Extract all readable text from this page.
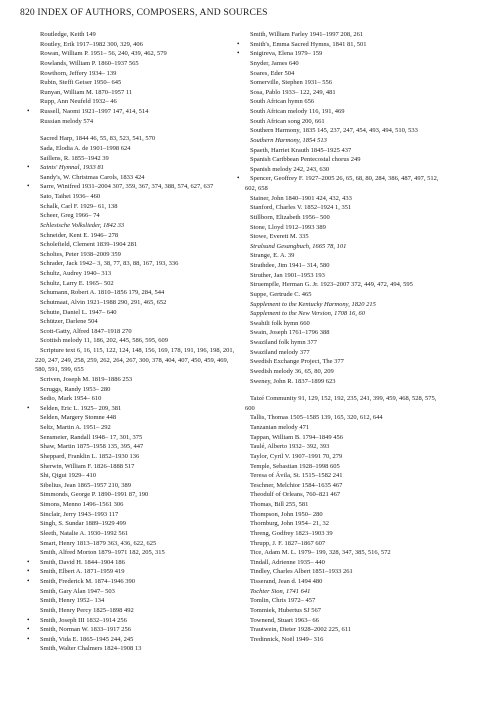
820 INDEX OF AUTHORS, COMPOSERS, AND SOURCES
Routledge, Keith 149
Routley, Erik 1917–1982 300, 329, 406
Rowan, William P. 1951– 56, 240, 439, 462, 579
Rowlands, William P. 1860–1937 565
Rowthorn, Jeffery 1934– 139
Rubin, Steffi Geiser 1950– 645
Runyan, William M. 1870–1957 11
Rupp, Ann Neufeld 1932– 46
• Russell, Naomi 1921–1997 147, 414, 514
Russian melody 574
Sacred Harp, 1844 46, 55, 83, 523, 541, 570
Sada, Elodia A. de 1901–1998 624
Saillens, R. 1855–1942 39
• Saints' Hymnal, 1933 81
Sandy's, W. Christmas Carols, 1833 424
• Sarre, Winifred 1931–2004 307, 359, 367, 374, 388, 574, 627, 637
Sato, Taihei 1936– 460
Schalk, Carl F. 1929– 61, 138
Scheer, Greg 1966– 74
Schlesische Volkslieder, 1842 33
Schneider, Kent E. 1946– 278
Scholefield, Clement 1839–1904 281
Scholtes, Peter 1938–2009 359
Schrader, Jack 1942– 3, 38, 77, 83, 88, 167, 193, 336
Schultz, Audrey 1940– 313
Schultz, Larry E. 1965– 502
Schumann, Robert A. 1810–1856 179, 284, 544
Schutmaat, Alvin 1921–1988 290, 291, 465, 652
Schutte, Daniel L. 1947– 640
Schützer, Darlene 504
Scott-Gatty, Alfred 1847–1918 270
Scottish melody 11, 186, 202, 445, 586, 595, 609
Scripture text 6, 16, 115, 122, 124, 148, 156, 169, 178, 191, 196, 198, 201, 220, 247, 249, 258, 259, 262, 264, 267, 300, 378, 404, 407, 450, 459, 469, 580, 591, 599, 655
Scriven, Joseph M. 1819–1886 253
Scruggs, Randy 1953– 280
Sedio, Mark 1954– 610
• Selden, Eric L. 1925– 209, 381
Selden, Margery Stomne 448
Seltz, Martin A. 1951– 292
Sensmeier, Randall 1948– 17, 301, 375
Shaw, Martin 1875–1958 135, 395, 447
Sheppard, Franklin L. 1852–1930 136
Sherwin, William F. 1826–1888 517
Shi, Qigui 1929– 410
Sibelius, Jean 1865–1957 210, 389
Simmonds, George P. 1890–1991 87, 190
Simons, Menno 1496–1561 306
Sinclair, Jerry 1943–1993 117
Singh, S. Sundar 1889–1929 499
Sleeth, Natalie A. 1930–1992 561
Smart, Henry 1813–1879 363, 436, 622, 625
Smith, Alfred Morton 1879–1971 182, 205, 315
• Smith, David H. 1844–1904 186
• Smith, Elbert A. 1871–1959 419
• Smith, Frederick M. 1874–1946 390
Smith, Gary Alan 1947– 503
Smith, Henry 1952– 134
Smith, Henry Percy 1825–1898 492
• Smith, Joseph III 1832–1914 256
• Smith, Norman W. 1833–1917 256
• Smith, Vida E. 1865–1945 244, 245
Smith, Walter Chalmers 1824–1908 13
Smith, William Farley 1941–1997 208, 261
• Smith's, Emma Sacred Hymns, 1841 81, 501
• Snigireva, Elena 1979– 159
Snyder, James 640
Soares, Eder 504
Somerville, Stephen 1931– 556
Sosa, Pablo 1933– 122, 249, 481
South African hymn 656
South African melody 116, 191, 469
South African song 200, 661
Southern Harmony, 1835 145, 237, 247, 454, 493, 494, 510, 533
Southern Harmony, 1854 513
Spaeth, Harriet Krauth 1845–1925 437
Spanish Caribbean Pentecostal chorus 249
Spanish melody 242, 243, 630
• Spencer, Geoffrey F. 1927–2005 26, 65, 68, 80, 284, 386, 487, 497, 512, 602, 658
Stainer, John 1840–1901 424, 432, 433
Stanford, Charles V. 1852–1924 1, 351
Stillborn, Elizabeth 1956– 500
Stone, Lloyd 1912–1993 389
Stowe, Everett M. 335
Stralsund Gesangbuch, 1665 78, 101
Strange, E. A. 39
Strathdee, Jim 1941– 314, 580
Struther, Jan 1901–1953 193
Struempfle, Herman G. Jr. 1923–2007 372, 449, 472, 494, 595
Suppe, Gertrude C. 465
Supplement to the Kentucky Harmony, 1820 215
Supplement to the New Version, 1708 16, 60
Swahili folk hymn 660
Swain, Joseph 1761–1796 388
Swaziland folk hymn 377
Swaziland melody 377
Swedish Exchange Project, The 377
Swedish melody 36, 65, 80, 209
Sweney, John R. 1837–1899 623
Taizé Community 91, 129, 152, 192, 235, 241, 399, 459, 468, 528, 575, 600
Tallis, Thomas 1505–1585 139, 165, 320, 612, 644
Tanzanian melody 471
Tappan, William B. 1794–1849 456
Taulé, Alberto 1932– 392, 393
Taylor, Cyril V. 1907–1991 70, 279
Temple, Sebastian 1928–1998 605
Teresa of Ávila, St. 1515–1582 241
Teschner, Melchior 1584–1635 467
Theodulf of Orleans, 760–821 467
Thomas, Bill 255, 581
Thompson, John 1950– 280
Thornburg, John 1954– 21, 32
Threng, Godfrey 1823–1903 39
Thrupp, J. F. 1827–1867 607
Tice, Adam M. L. 1979– 199, 328, 347, 385, 516, 572
Tindall, Adrienne 1935– 440
Tindley, Charles Albert 1851–1933 261
Tisserand, Jean d. 1494 480
Tochter Sion, 1741 641
Tomlin, Chris 1972– 457
Tommiek, Hubertus SJ 567
Townend, Stuart 1963– 66
Trautwein, Dieter 1928–2002 225, 611
Tredinnick, Noël 1949– 316
